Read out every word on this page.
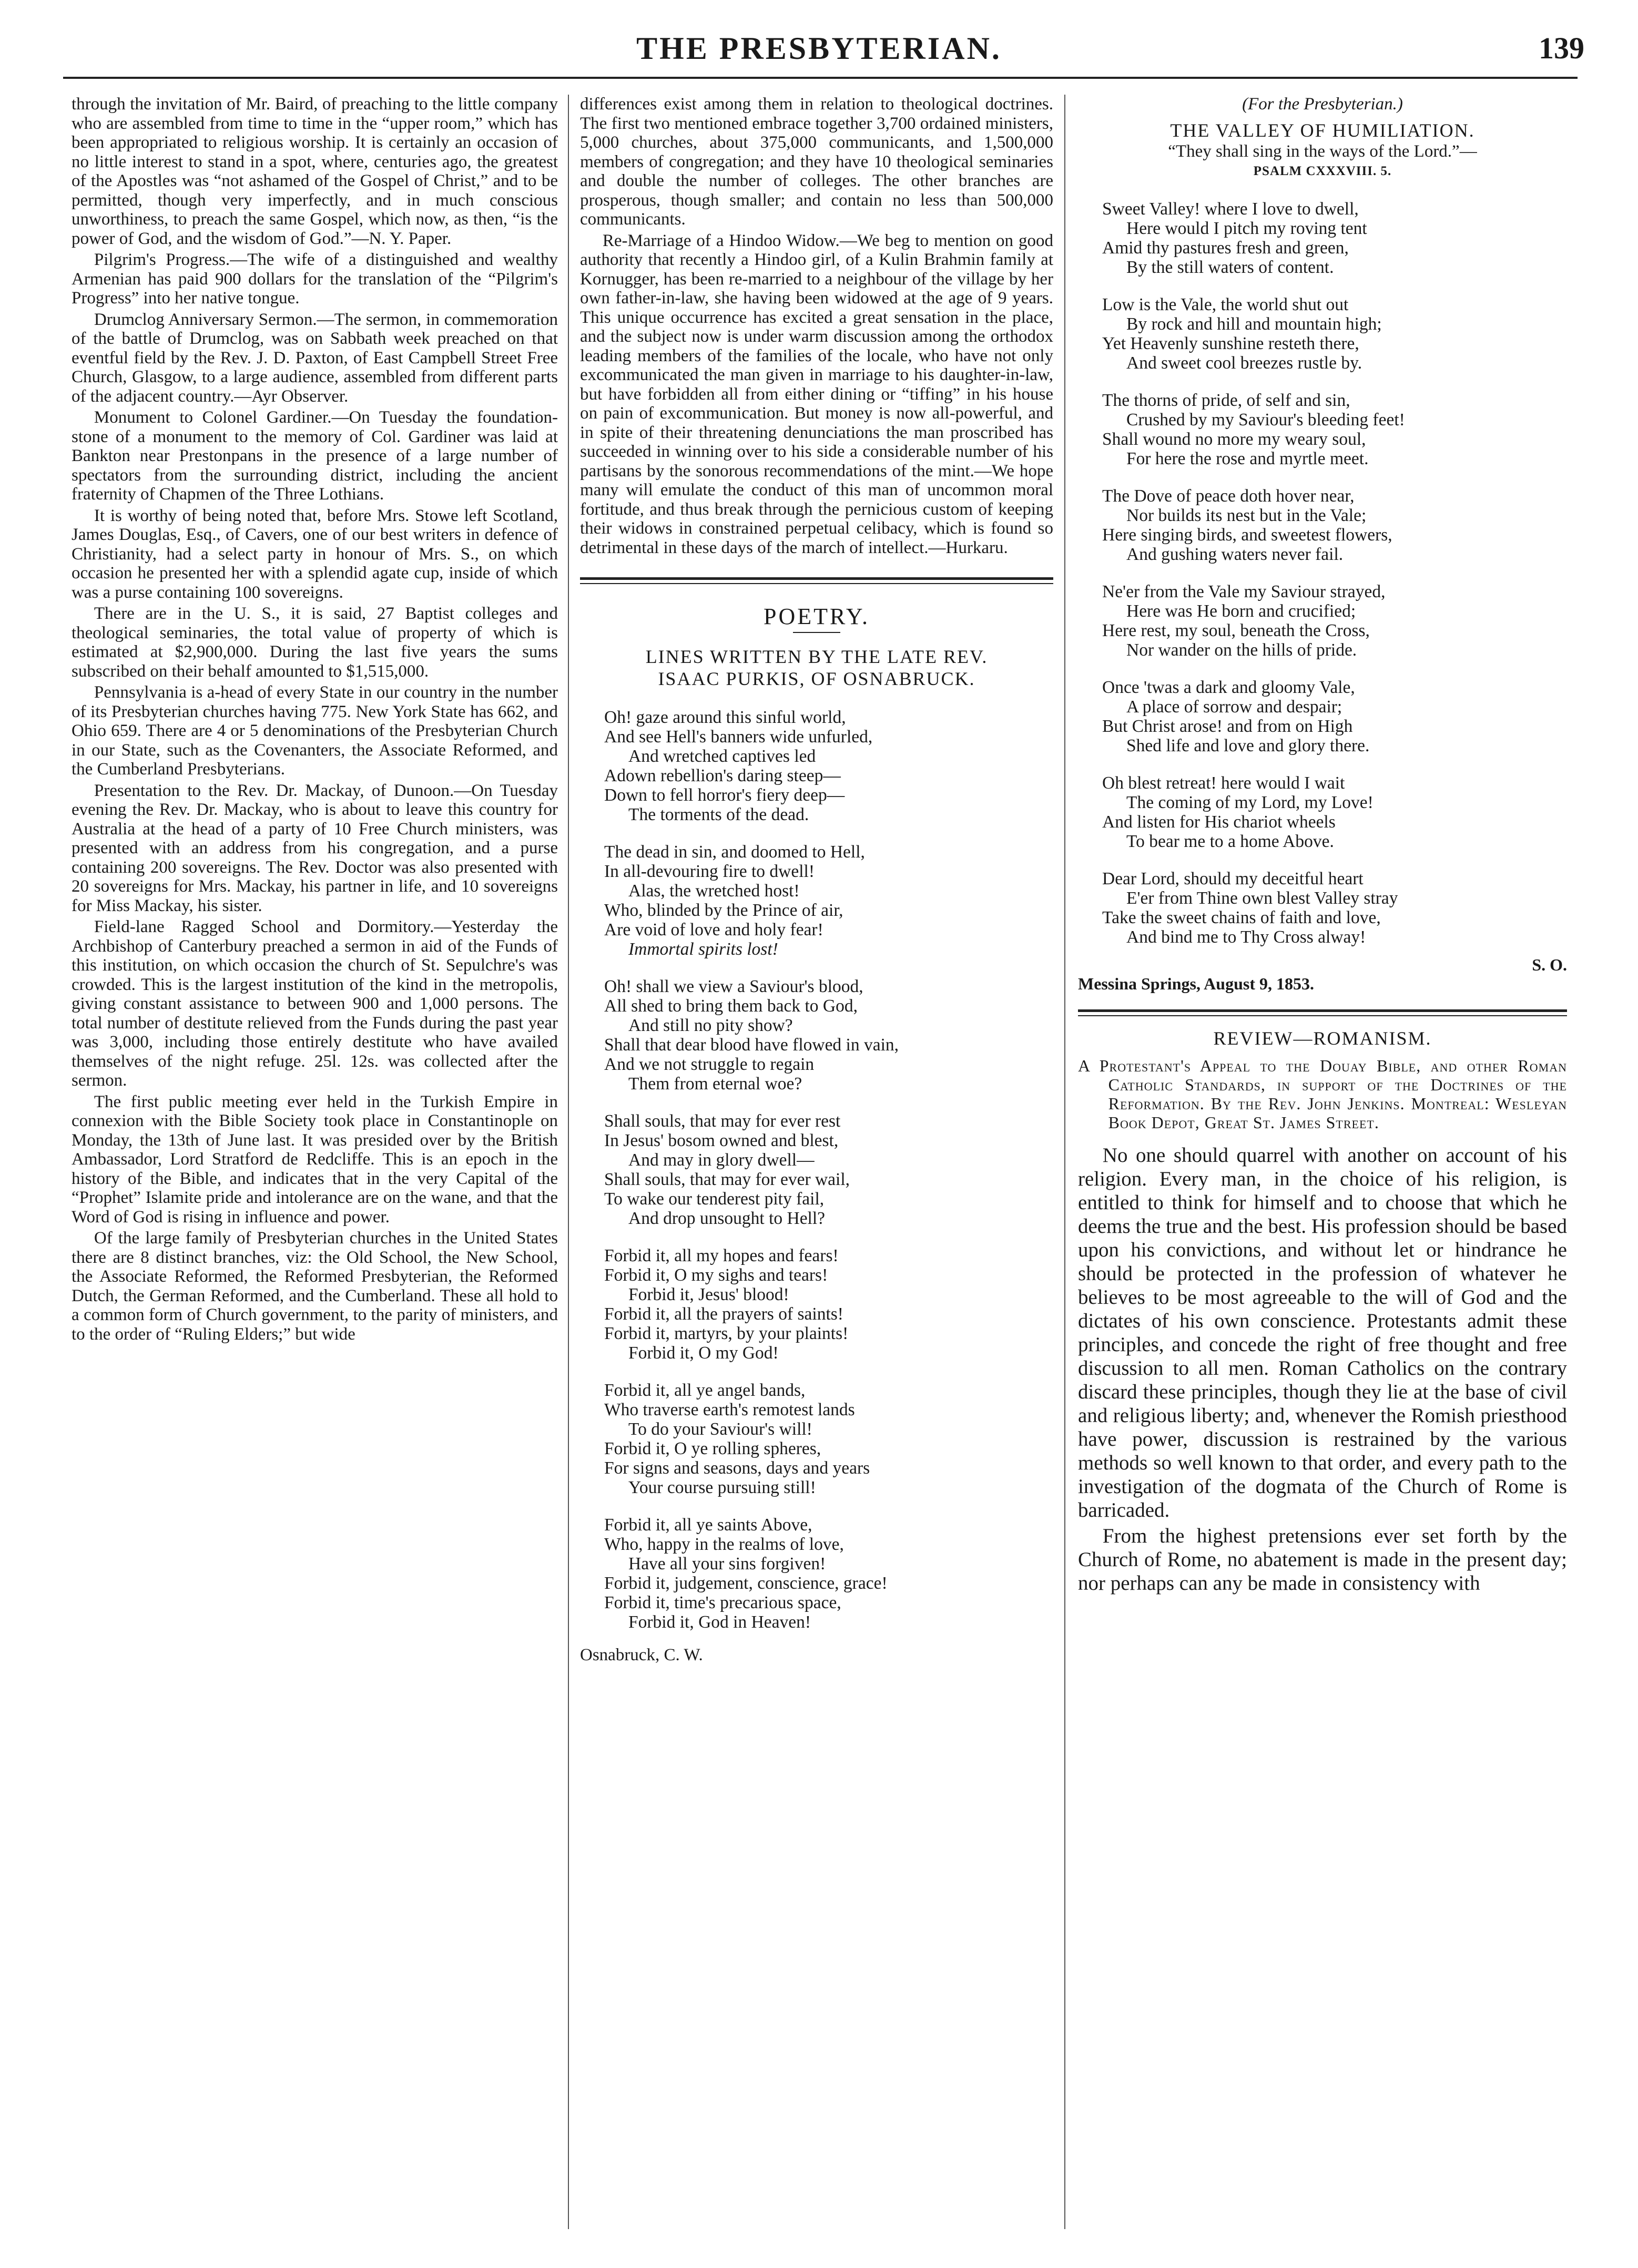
THE PRESBYTERIAN.	139

through the invitation of Mr. Baird, of preaching to the little company who are assembled from time to time in the “upper room,” which has been appropriated to religious worship. It is certainly an occasion of no little interest to stand in a spot, where, centuries ago, the greatest of the Apostles was “not ashamed of the Gospel of Christ,” and to be permitted, though very imperfectly, and in much conscious unworthiness, to preach the same Gospel, which now, as then, “is the power of God, and the wisdom of God.”—N. Y. Paper.

Pilgrim's Progress.—The wife of a distinguished and wealthy Armenian has paid 900 dollars for the translation of the “Pilgrim's Progress” into her native tongue.

Drumclog Anniversary Sermon.—The sermon, in commemoration of the battle of Drumclog, was on Sabbath week preached on that eventful field by the Rev. J. D. Paxton, of East Campbell Street Free Church, Glasgow, to a large audience, assembled from different parts of the adjacent country.—Ayr Observer.

Monument to Colonel Gardiner.—On Tuesday the foundation-stone of a monument to the memory of Col. Gardiner was laid at Bankton near Prestonpans in the presence of a large number of spectators from the surrounding district, including the ancient fraternity of Chapmen of the Three Lothians.

It is worthy of being noted that, before Mrs. Stowe left Scotland, James Douglas, Esq., of Cavers, one of our best writers in defence of Christianity, had a select party in honour of Mrs. S., on which occasion he presented her with a splendid agate cup, inside of which was a purse containing 100 sovereigns.

There are in the U. S., it is said, 27 Baptist colleges and theological seminaries, the total value of property of which is estimated at $2,900,000. During the last five years the sums subscribed on their behalf amounted to $1,515,000.

Pennsylvania is a-head of every State in our country in the number of its Presbyterian churches having 775. New York State has 662, and Ohio 659. There are 4 or 5 denominations of the Presbyterian Church in our State, such as the Covenanters, the Associate Reformed, and the Cumberland Presbyterians.

Presentation to the Rev. Dr. Mackay, of Dunoon.—On Tuesday evening the Rev. Dr. Mackay, who is about to leave this country for Australia at the head of a party of 10 Free Church ministers, was presented with an address from his congregation, and a purse containing 200 sovereigns. The Rev. Doctor was also presented with 20 sovereigns for Mrs. Mackay, his partner in life, and 10 sovereigns for Miss Mackay, his sister.

Field-lane Ragged School and Dormitory.—Yesterday the Archbishop of Canterbury preached a sermon in aid of the Funds of this institution, on which occasion the church of St. Sepulchre's was crowded. This is the largest institution of the kind in the metropolis, giving constant assistance to between 900 and 1,000 persons. The total number of destitute relieved from the Funds during the past year was 3,000, including those entirely destitute who have availed themselves of the night refuge. 25l. 12s. was collected after the sermon.

The first public meeting ever held in the Turkish Empire in connexion with the Bible Society took place in Constantinople on Monday, the 13th of June last. It was presided over by the British Ambassador, Lord Stratford de Redcliffe. This is an epoch in the history of the Bible, and indicates that in the very Capital of the “Prophet” Islamite pride and intolerance are on the wane, and that the Word of God is rising in influence and power.

Of the large family of Presbyterian churches in the United States there are 8 distinct branches, viz: the Old School, the New School, the Associate Reformed, the Reformed Presbyterian, the Reformed Dutch, the German Reformed, and the Cumberland. These all hold to a common form of Church government, to the parity of ministers, and to the order of “Ruling Elders;” but wide

differences exist among them in relation to theological doctrines. The first two mentioned embrace together 3,700 ordained ministers, 5,000 churches, about 375,000 communicants, and 1,500,000 members of congregation; and they have 10 theological seminaries and double the number of colleges. The other branches are prosperous, though smaller; and contain no less than 500,000 communicants.

Re-Marriage of a Hindoo Widow.—We beg to mention on good authority that recently a Hindoo girl, of a Kulin Brahmin family at Kornugger, has been re-married to a neighbour of the village by her own father-in-law, she having been widowed at the age of 9 years. This unique occurrence has excited a great sensation in the place, and the subject now is under warm discussion among the orthodox leading members of the families of the locale, who have not only excommunicated the man given in marriage to his daughter-in-law, but have forbidden all from either dining or “tiffing” in his house on pain of excommunication. But money is now all-powerful, and in spite of their threatening denunciations the man proscribed has succeeded in winning over to his side a considerable number of his partisans by the sonorous recommendations of the mint.—We hope many will emulate the conduct of this man of uncommon moral fortitude, and thus break through the pernicious custom of keeping their widows in constrained perpetual celibacy, which is found so detrimental in these days of the march of intellect.—Hurkaru.

POETRY.
LINES WRITTEN BY THE LATE REV.
ISAAC PURKIS, OF OSNABRUCK.
Oh! gaze around this sinful world,
And see Hell's banners wide unfurled,
And wretched captives led
Adown rebellion's daring steep—
Down to fell horror's fiery deep—
The torments of the dead.
The dead in sin, and doomed to Hell,
In all-devouring fire to dwell!
Alas, the wretched host!
Who, blinded by the Prince of air,
Are void of love and holy fear!
Immortal spirits lost!
Oh! shall we view a Saviour's blood,
All shed to bring them back to God,
And still no pity show?
Shall that dear blood have flowed in vain,
And we not struggle to regain
Them from eternal woe?
Shall souls, that may for ever rest
In Jesus' bosom owned and blest,
And may in glory dwell—
Shall souls, that may for ever wail,
To wake our tenderest pity fail,
And drop unsought to Hell?
Forbid it, all my hopes and fears!
Forbid it, O my sighs and tears!
Forbid it, Jesus' blood!
Forbid it, all the prayers of saints!
Forbid it, martyrs, by your plaints!
Forbid it, O my God!
Forbid it, all ye angel bands,
Who traverse earth's remotest lands
To do your Saviour's will!
Forbid it, O ye rolling spheres,
For signs and seasons, days and years
Your course pursuing still!
Forbid it, all ye saints Above,
Who, happy in the realms of love,
Have all your sins forgiven!
Forbid it, judgement, conscience, grace!
Forbid it, time's precarious space,
Forbid it, God in Heaven!
Osnabruck, C. W.
(For the Presbyterian.)
THE VALLEY OF HUMILIATION.
“They shall sing in the ways of the Lord.”—
PSALM CXXXVIII. 5.
Sweet Valley! where I love to dwell,
Here would I pitch my roving tent
Amid thy pastures fresh and green,
By the still waters of content.
Low is the Vale, the world shut out
By rock and hill and mountain high;
Yet Heavenly sunshine resteth there,
And sweet cool breezes rustle by.
The thorns of pride, of self and sin,
Crushed by my Saviour's bleeding feet!
Shall wound no more my weary soul,
For here the rose and myrtle meet.
The Dove of peace doth hover near,
Nor builds its nest but in the Vale;
Here singing birds, and sweetest flowers,
And gushing waters never fail.
Ne'er from the Vale my Saviour strayed,
Here was He born and crucified;
Here rest, my soul, beneath the Cross,
Nor wander on the hills of pride.
Once 'twas a dark and gloomy Vale,
A place of sorrow and despair;
But Christ arose! and from on High
Shed life and love and glory there.
Oh blest retreat! here would I wait
The coming of my Lord, my Love!
And listen for His chariot wheels
To bear me to a home Above.
Dear Lord, should my deceitful heart
E'er from Thine own blest Valley stray
Take the sweet chains of faith and love,
And bind me to Thy Cross alway!
S. O.
Messina Springs, August 9, 1853.
REVIEW—ROMANISM.
A Protestant's Appeal to the Douay Bible, and other Roman Catholic Standards, in support of the Doctrines of the Reformation. By the Rev. John Jenkins. Montreal: Wesleyan Book Depot, Great St. James Street.

No one should quarrel with another on account of his religion. Every man, in the choice of his religion, is entitled to think for himself and to choose that which he deems the true and the best. His profession should be based upon his convictions, and without let or hindrance he should be protected in the profession of whatever he believes to be most agreeable to the will of God and the dictates of his own conscience. Protestants admit these principles, and concede the right of free thought and free discussion to all men. Roman Catholics on the contrary discard these principles, though they lie at the base of civil and religious liberty; and, whenever the Romish priesthood have power, discussion is restrained by the various methods so well known to that order, and every path to the investigation of the dogmata of the Church of Rome is barricaded.

From the highest pretensions ever set forth by the Church of Rome, no abatement is made in the present day; nor perhaps can any be made in consistency with
